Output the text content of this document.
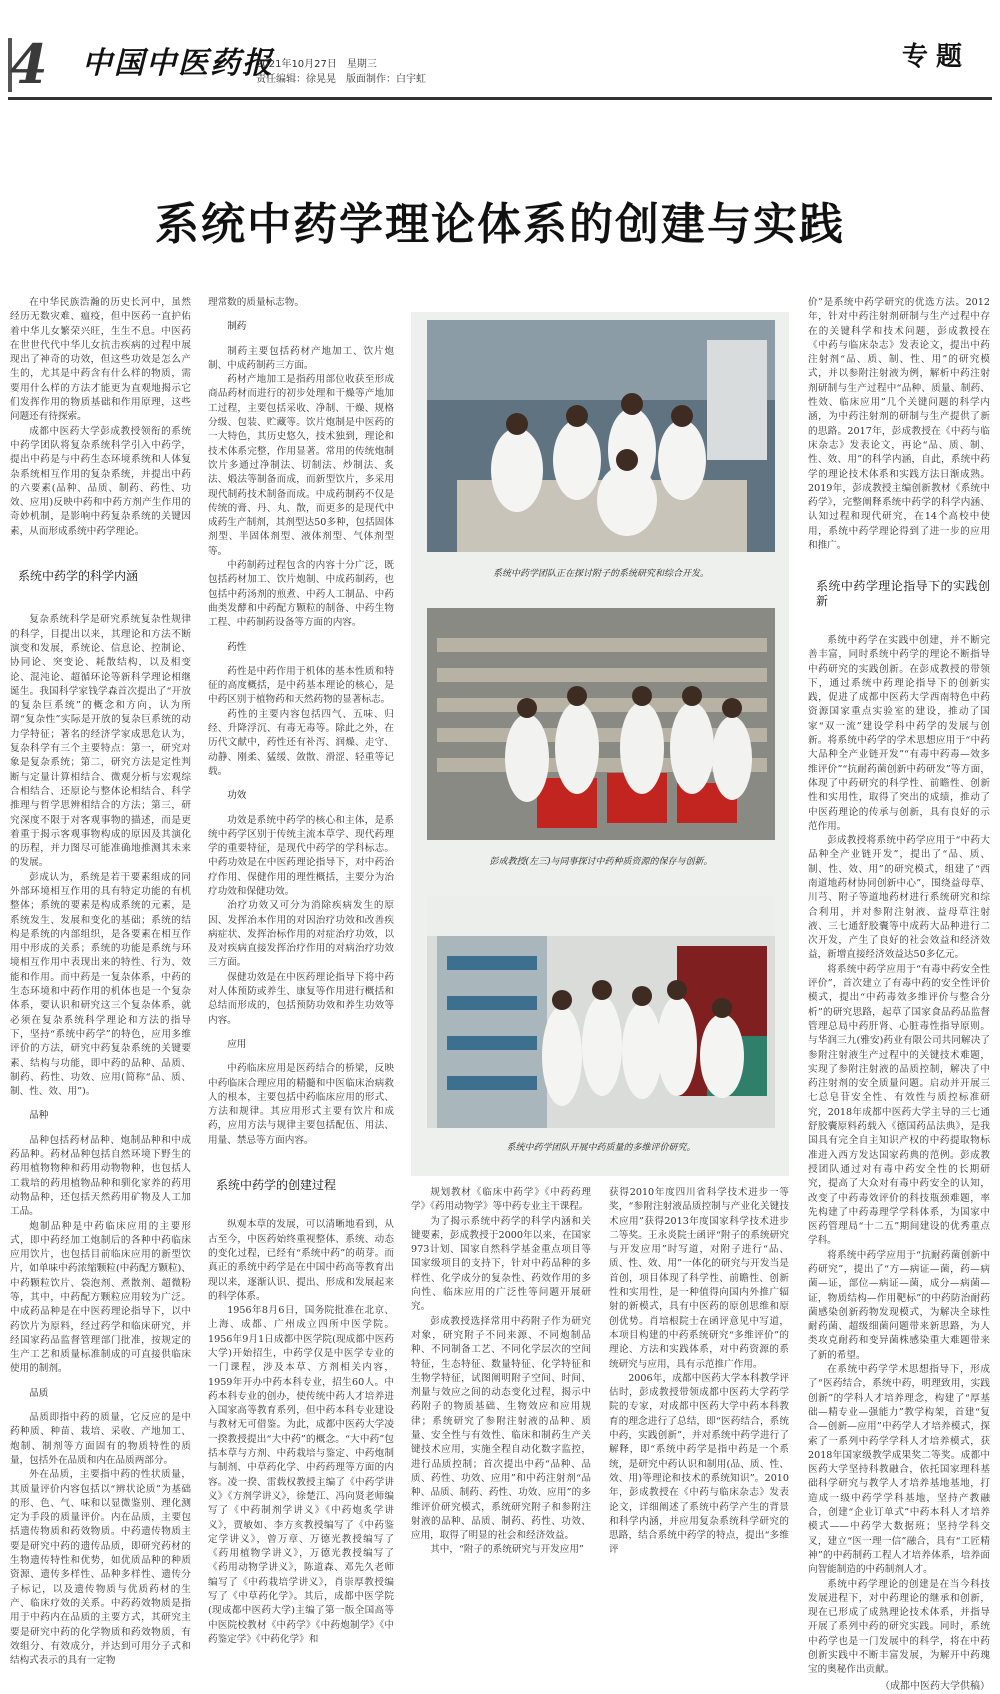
4 中国中医药报
2021年10月27日　星期三
责任编辑：徐晃晃　版面制作：白宇虹
专题
系统中药学理论体系的创建与实践

在中华民族浩瀚的历史长河中，虽然经历无数灾难、瘟疫，但中医药一直护佑着中华儿女繁荣兴旺，生生不息。中医药在世世代代中华儿女抗击疾病的过程中展现出了神奇的功效，但这些功效是怎么产生的，尤其是中药含有什么样的物质，需要用什么样的方法才能更为直观地揭示它们发挥作用的物质基础和作用原理，这些问题还有待探索。

成都中医药大学彭成教授领衔的系统中药学团队将复杂系统科学引入中药学，提出中药是与中药生态环境系统和人体复杂系统相互作用的复杂系统，并提出中药的六要素(品种、品质、制药、药性、功效、应用)反映中药和中药方剂产生作用的奇妙机制，是影响中药复杂系统的关键因素，从而形成系统中药学理论。

系统中药学的科学内涵

复杂系统科学是研究系统复杂性规律的科学，目提出以来，其理论和方法不断演变和发展，系统论、信息论、控制论、协同论、突变论、耗散结构，以及相变论、混沌论、超循环论等新科学理论相继诞生。我国科学家钱学森首次提出了“开放的复杂巨系统”的概念和方向，认为所谓“复杂性”实际是开放的复杂巨系统的动力学特征；著名的经济学家成思危认为，复杂科学有三个主要特点：第一，研究对象是复杂系统；第二，研究方法是定性判断与定量计算相结合、微观分析与宏观综合相结合、还原论与整体论相结合、科学推理与哲学思辨相结合的方法；第三，研究深度不限于对客观事物的描述，而是更着重于揭示客观事物构成的原因及其演化的历程，并力图尽可能准确地推测其未来的发展。

彭成认为，系统是若干要素组成的同外部环境相互作用的具有特定功能的有机整体；系统的要素是构成系统的元素，是系统发生、发展和变化的基础；系统的结构是系统的内部组织，是各要素在相互作用中形成的关系；系统的功能是系统与环境相互作用中表现出来的特性、行为、效能和作用。而中药是一复杂体系，中药的生态环境和中药作用的机体也是一个复杂体系，要认识和研究这三个复杂体系，就必须在复杂系统科学理论和方法的指导下，坚持“系统中药学”的特色，应用多维评价的方法，研究中药复杂系统的关键要素、结构与功能，即中药的品种、品质、制药、药性、功效、应用(简称“品、质、制、性、效、用”)。

品种

品种包括药材品种、炮制品种和中成药品种。药材品种包括自然环境下野生的药用植物物种和药用动物物种，也包括人工栽培的药用植物品种和驯化家养的药用动物品种，还包括天然药用矿物及人工加工品。

炮制品种是中药临床应用的主要形式，即中药经加工炮制后的各种中药临床应用饮片，也包括目前临床应用的新型饮片，如单味中药浓缩颗粒(中药配方颗粒)、中药颗粒饮片、袋泡剂、煮散剂、超微粉等，其中，中药配方颗粒应用较为广泛。中成药品种是在中医药理论指导下，以中药饮片为原料，经过药学和临床研究，并经国家药品监督管理部门批准，按规定的生产工艺和质量标准制成的可直接供临床使用的制剂。

品质

品质即指中药的质量，它反应的是中药种质、种苗、栽培、采收、产地加工、炮制、制剂等方面固有的物质特性的质量，包括外在品质和内在品质两部分。

外在品质，主要指中药的性状质量，其质量评价内容包括以“辨状论质”为基础的形、色、气、味和以显微鉴别、理化测定为手段的质量评价。内在品质，主要包括遗传物质和药效物质。中药遗传物质主要是研究中药的遗传品质，即研究药材的生物遗传特性和优势，如优质品种的种质资源、遗传多样性、品种多样性、遗传分子标记，以及遗传物质与优质药材的生产、临床疗效的关系。中药药效物质是指用于中药内在品质的主要方式，其研究主要是研究中药的化学物质和药效物质，有效组分、有效成分，并达到可用分子式和结构式表示的具有一定物

理常数的质量标志物。

制药

制药主要包括药材产地加工、饮片炮制、中成药制药三方面。

药材产地加工是指药用部位收获至形成商品药材而进行的初步处理和干燥等产地加工过程，主要包括采收、净制、干燥、规格分级、包装、贮藏等。饮片炮制是中医药的一大特色，其历史悠久，技术独到，理论和技术体系完整，作用显著。常用的传统炮制饮片多通过净制法、切制法、炒制法、炙法、煅法等制备而成，而新型饮片，多采用现代制药技术制备而成。中成药制药不仅是传统的膏、丹、丸、散，而更多的是现代中成药生产制剂，其剂型达50多种，包括固体剂型、半固体剂型、液体剂型、气体剂型等。

中药制药过程包含的内容十分广泛，既包括药材加工、饮片炮制、中成药制药，也包括中药汤剂的煎煮、中药人工制品、中药曲类发酵和中药配方颗粒的制备、中药生物工程、中药制药设备等方面的内容。

药性

药性是中药作用于机体的基本性质和特征的高度概括，是中药基本理论的核心，是中药区别于植物药和天然药物的显著标志。

药性的主要内容包括四气、五味、归经、升降浮沉、有毒无毒等。除此之外，在历代文献中，药性还有补泻、润燥、走守、动静、刚柔、猛缓、敛散、滑涩、轻重等记载。

功效

功效是系统中药学的核心和主体，是系统中药学区别于传统主流本草学、现代药理学的重要特征，是现代中药学的学科标志。中药功效是在中医药理论指导下，对中药治疗作用、保健作用的理性概括，主要分为治疗功效和保健功效。

治疗功效又可分为消除疾病发生的原因、发挥治本作用的对因治疗功效和改善疾病症状、发挥治标作用的对症治疗功效，以及对疾病直接发挥治疗作用的对病治疗功效三方面。

保健功效是在中医药理论指导下将中药对人体预防或养生、康复等作用进行概括和总结而形成的，包括预防功效和养生功效等内容。

应用

中药临床应用是医药结合的桥梁，反映中药临床合理应用的精髓和中医临床治病救人的根本，主要包括中药临床应用的形式、方法和规律。其应用形式主要有饮片和成药，应用方法与规律主要包括配伍、用法、用量、禁忌等方面内容。

系统中药学的创建过程

纵观本草的发展，可以清晰地看到，从古至今，中医药始终重视整体、系统、动态的变化过程，已经有“系统中药”的萌芽。而真正的系统中药学是在中国中药高等教育出现以来，逐渐认识、提出、形成和发展起来的科学体系。

1956年8月6日，国务院批准在北京、上海、成都、广州成立四所中医学院。1956年9月1日成都中医学院(现成都中医药大学)开始招生，中药学仅是中医学专业的一门课程，涉及本草、方剂相关内容，1959年开办中药本科专业，招生60人。中药本科专业的创办，使传统中药人才培养进入国家高等教育系列，但中药本科专业建设与教材无可借鉴。为此，成都中医药大学凌一揆教授提出“大中药”的概念。“大中药”包括本草与方剂、中药栽培与鉴定、中药炮制与制剂、中草药化学、中药药理等方面的内容。凌一揆、雷载权教授主编了《中药学讲义》《方剂学讲义》，徐楚江、冯向贤老师编写了《中药制剂学讲义》《中药炮炙学讲义》，贾敏如、李方亥教授编写了《中药鉴定学讲义》，曾万章、万德光教授编写了《药用植物学讲义》，万德光教授编写了《药用动物学讲义》，陈道森、邓先久老师编写了《中药栽培学讲义》，肖崇厚教授编写了《中草药化学》。其后，成都中医学院(现成都中医药大学)主编了第一版全国高等中医院校教材《中药学》《中药炮制学》《中药鉴定学》《中药化学》和

系统中药学团队正在探讨附子的系统研究和综合开发。
彭成教授(左三)与同事探讨中药种质资源的保存与创新。
系统中药学团队开展中药质量的多维评价研究。

规划教材《临床中药学》《中药药理学》《药用动物学》等中药专业主干课程。

为了揭示系统中药学的科学内涵和关键要素，彭成教授于2000年以来，在国家973计划、国家自然科学基金重点项目等国家级项目的支持下，针对中药品种的多样性、化学成分的复杂性、药效作用的多向性、临床应用的广泛性等问题开展研究。

彭成教授选择常用中药附子作为研究对象，研究附子不同来源、不同炮制品种、不同制备工艺、不同化学层次的空间特征，生态特征、数量特征、化学特征和生物学特征，试图阐明附子空间、时间、剂量与效应之间的动态变化过程，揭示中药附子的物质基础、生物效应和应用规律；系统研究了参附注射液的品种、质量、安全性与有效性、临床和制药生产关键技术应用，实施全程自动化数字监控，进行品质控制；首次提出中药“品种、品质、药性、功效、应用”和中药注射剂“品种、品质、制药、药性、功效、应用”的多维评价研究模式，系统研究附子和参附注射液的品种、品质、制药、药性、功效、应用，取得了明显的社会和经济效益。

其中，“附子的系统研究与开发应用”

获得2010年度四川省科学技术进步一等奖，“参附注射液品质控制与产业化关键技术应用”获得2013年度国家科学技术进步二等奖。王永炎院士函评“附子的系统研究与开发应用”时写道，对附子进行“品、质、性、效、用”一体化的研究与开发当是首创，项目体现了科学性、前瞻性、创新性和实用性，是一种值得向国内外推广辐射的新模式，具有中医药的原创思维和原创优势。肖培根院士在函评意见中写道，本项目构建的中药系统研究“多维评价”的理论、方法和实践体系，对中药资源的系统研究与应用，具有示范推广作用。

2006年，成都中医药大学本科教学评估时，彭成教授带领成都中医药大学药学院的专家，对成都中医药大学中药本科教育的理念进行了总结，即“医药结合，系统中药，实践创新”，并对系统中药学进行了解释，即“系统中药学是指中药是一个系统，是研究中药认识和制用(品、质、性、效、用)等理论和技术的系统知识”。2010年，彭成教授在《中药与临床杂志》发表论文，详细阐述了系统中药学产生的背景和科学内涵，并应用复杂系统科学研究的思路，结合系统中药学的特点，提出“多维评

价”是系统中药学研究的优选方法。2012年，针对中药注射剂研制与生产过程中存在的关键科学和技术问题，彭成教授在《中药与临床杂志》发表论文，提出中药注射剂“品、质、制、性、用”的研究模式，并以参附注射液为例，解析中药注射剂研制与生产过程中“品种、质量、制药、性效、临床应用”几个关键问题的科学内涵，为中药注射剂的研制与生产提供了新的思路。2017年，彭成教授在《中药与临床杂志》发表论文，再论“品、质、制、性、效、用”的科学内涵，自此，系统中药学的理论技术体系和实践方法日渐成熟。2019年，彭成教授主编创新教材《系统中药学》，完整阐释系统中药学的科学内涵、认知过程和现代研究，在14个高校中使用，系统中药学理论得到了进一步的应用和推广。

系统中药学理论指导下的实践创新

系统中药学在实践中创建，并不断完善丰富，同时系统中药学的理论不断指导中药研究的实践创新。在彭成教授的带领下，通过系统中药理论指导下的创新实践，促进了成都中医药大学西南特色中药资源国家重点实验室的建设，推动了国家“双一流”建设学科中药学的发展与创新。将系统中药学的学术思想应用于“中药大品种全产业链开发”“有毒中药毒—效多维评价”“抗耐药菌创新中药研发”等方面，体现了中药研究的科学性、前瞻性、创新性和实用性，取得了突出的成绩，推动了中医药理论的传承与创新，具有良好的示范作用。

彭成教授将系统中药学应用于“中药大品种全产业链开发”，提出了“品、质、制、性、效、用”的研究模式，组建了“西南道地药材协同创新中心”，围绕益母草、川芎、附子等道地药材进行系统研究和综合利用，并对参附注射液、益母草注射液、三七通舒胶囊等中成药大品种进行二次开发，产生了良好的社会效益和经济效益，新增直接经济效益达50多亿元。

将系统中药学应用于“有毒中药安全性评价”，首次建立了有毒中药的安全性评价模式，提出“中药毒效多维评价与整合分析”的研究思路，起草了国家食品药品监督管理总局中药肝肾、心脏毒性指导原则。与华润三九(雅安)药业有限公司共同解决了参附注射液生产过程中的关键技术难题，实现了参附注射液的品质控制，解决了中药注射剂的安全质量问题。启动并开展三七总皂苷安全性、有效性与质控标准研究，2018年成都中医药大学主导的三七通舒胶囊原料药载入《德国药品法典》，是我国具有完全自主知识产权的中药提取物标准进入西方发达国家药典的范例。彭成教授团队通过对有毒中药安全性的长期研究，提高了大众对有毒中药安全的认知，改变了中药毒效评价的科技瓶颈难题，率先构建了中药毒理学学科体系，为国家中医药管理局“十二五”期间建设的优秀重点学科。

将系统中药学应用于“抗耐药菌创新中药研究”，提出了“方—病证—菌，药—病菌—证，部位—病证—菌，成分—病菌—证，物质结构—作用靶标”的中药防治耐药菌感染创新药物发现模式，为解决全球性耐药菌、超级细菌问题带来新思路，为人类攻克耐药和变异菌株感染重大难题带来了新的希望。

在系统中药学学术思想指导下，形成了“医药结合，系统中药，明理致用，实践创新”的学科人才培养理念，构建了“厚基础—精专业—强能力”教学构架，首建“复合—创新—应用”中药学人才培养模式，探索了一系列中药学学科人才培养模式，获2018年国家级教学成果奖二等奖。成都中医药大学坚持科教融合，依托国家理科基础科学研究与教学人才培养基地基地，打造成一级中药学学科基地，坚持产教融合，创建“企业订单式”中药本科人才培养模式——中药学大数据班；坚持学科交叉，建立“医一理一信”融合，具有“工匠精神”的中药制药工程人才培养体系，培养面向智能制造的中药制剂人才。

系统中药学理论的创建是在当今科技发展进程下，对中药理论的继承和创新，现在已形成了成熟理论技术体系，并指导开展了系列中药的研究实践。同时，系统中药学也是一门发展中的科学，将在中药创新实践中不断丰富发展，为解开中药瑰宝的奥秘作出贡献。

（成都中医药大学供稿）
